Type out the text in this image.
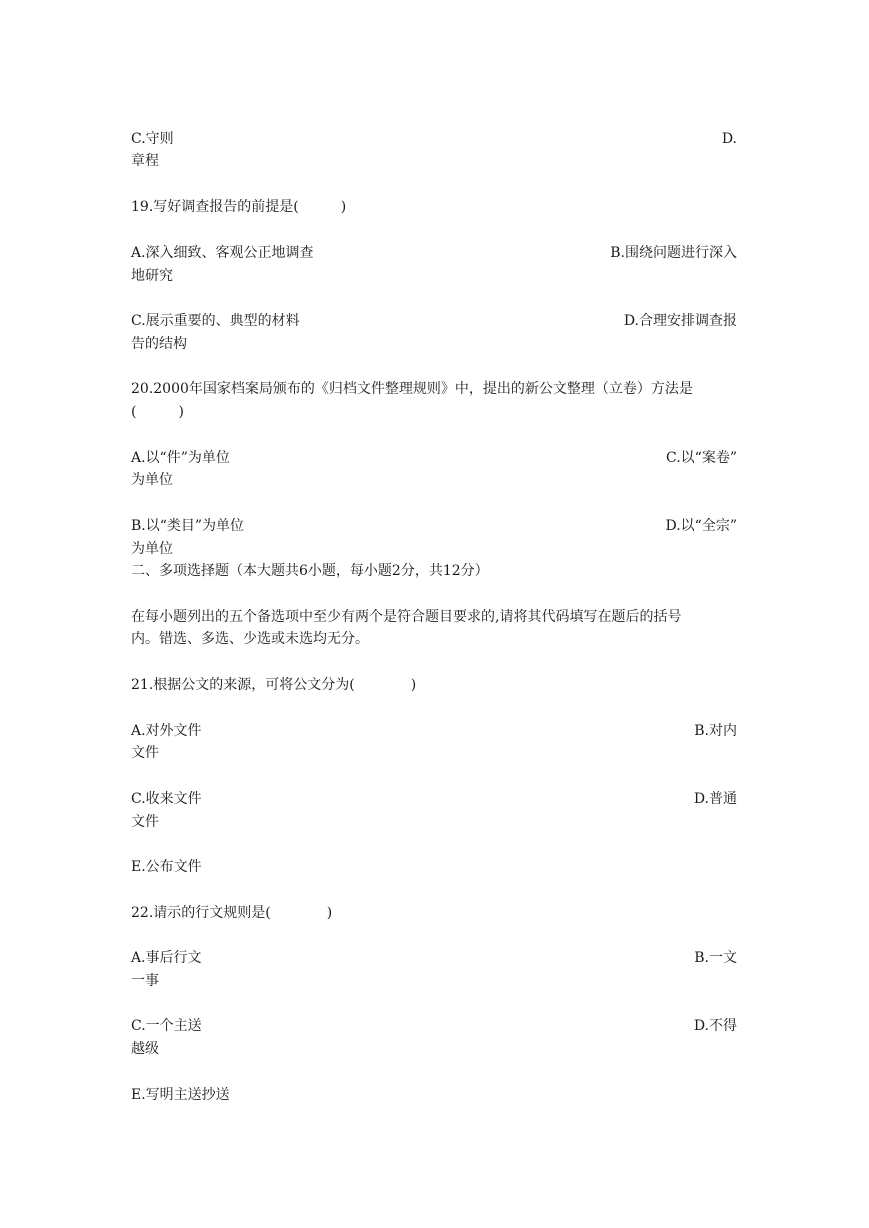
C.守则	D.
章程
19.写好调查报告的前提是(　　　)
A.深入细致、客观公正地调查	B.围绕问题进行深入
地研究
C.展示重要的、典型的材料	D.合理安排调查报
告的结构
20.2000年国家档案局颁布的《归档文件整理规则》中，提出的新公文整理（立卷）方法是
(　　　)
A.以“件”为单位	C.以“案卷”
为单位
B.以“类目”为单位	D.以“全宗”
为单位
二、多项选择题（本大题共6小题，每小题2分，共12分）
在每小题列出的五个备选项中至少有两个是符合题目要求的,请将其代码填写在题后的括号
内。错选、多选、少选或未选均无分。
21.根据公文的来源，可将公文分为(　　　　)
A.对外文件	B.对内
文件
C.收来文件	D.普通
文件
E.公布文件
22.请示的行文规则是(　　　　)
A.事后行文	B.一文
一事
C.一个主送	D.不得
越级
E.写明主送抄送
